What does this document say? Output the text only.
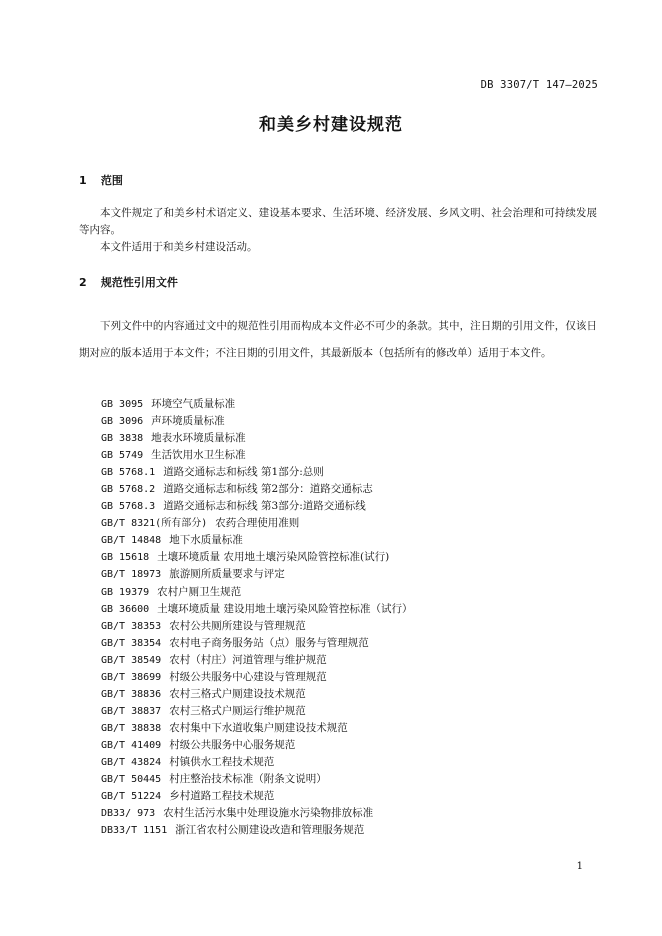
DB 3307/T 147—2025
和美乡村建设规范
1 范围
本文件规定了和美乡村术语定义、建设基本要求、生活环境、经济发展、乡风文明、社会治理和可持续发展等内容。
本文件适用于和美乡村建设活动。
2 规范性引用文件
下列文件中的内容通过文中的规范性引用而构成本文件必不可少的条款。其中，注日期的引用文件，仅该日期对应的版本适用于本文件；不注日期的引用文件，其最新版本（包括所有的修改单）适用于本文件。
GB 3095 环境空气质量标准
GB 3096 声环境质量标准
GB 3838 地表水环境质量标准
GB 5749 生活饮用水卫生标准
GB 5768.1 道路交通标志和标线 第1部分:总则
GB 5768.2 道路交通标志和标线 第2部分：道路交通标志
GB 5768.3 道路交通标志和标线 第3部分:道路交通标线
GB/T 8321(所有部分) 农药合理使用准则
GB/T 14848 地下水质量标准
GB 15618 土壤环境质量 农用地土壤污染风险管控标准(试行)
GB/T 18973 旅游厕所质量要求与评定
GB 19379 农村户厕卫生规范
GB 36600 土壤环境质量 建设用地土壤污染风险管控标准（试行）
GB/T 38353 农村公共厕所建设与管理规范
GB/T 38354 农村电子商务服务站（点）服务与管理规范
GB/T 38549 农村（村庄）河道管理与维护规范
GB/T 38699 村级公共服务中心建设与管理规范
GB/T 38836 农村三格式户厕建设技术规范
GB/T 38837 农村三格式户厕运行维护规范
GB/T 38838 农村集中下水道收集户厕建设技术规范
GB/T 41409 村级公共服务中心服务规范
GB/T 43824 村镇供水工程技术规范
GB/T 50445 村庄整治技术标准（附条文说明）
GB/T 51224 乡村道路工程技术规范
DB33/ 973 农村生活污水集中处理设施水污染物排放标准
DB33/T 1151 浙江省农村公厕建设改造和管理服务规范
1
